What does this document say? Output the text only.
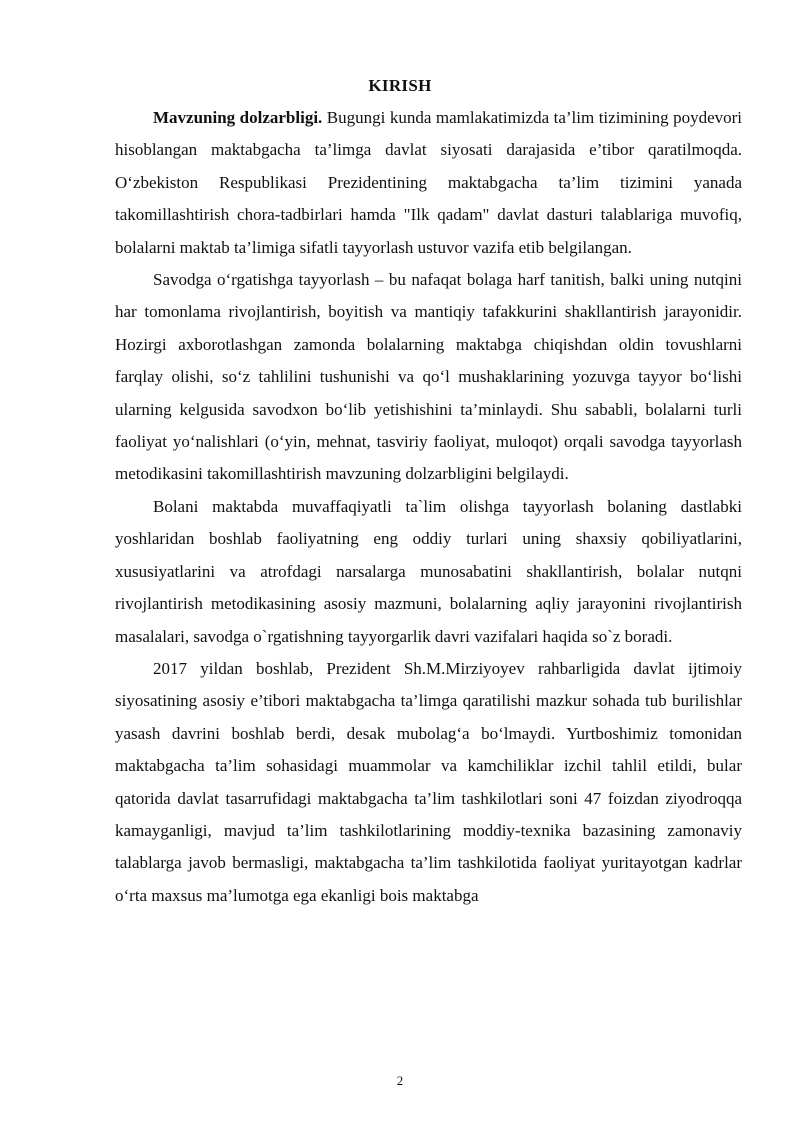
KIRISH

Mavzuning dolzarbligi. Bugungi kunda mamlakatimizda ta’lim tizimining poydevori hisoblangan maktabgacha ta’limga davlat siyosati darajasida e’tibor qaratilmoqda. O‘zbekiston Respublikasi Prezidentining maktabgacha ta’lim tizimini yanada takomillashtirish chora-tadbirlari hamda "Ilk qadam" davlat dasturi talablariga muvofiq, bolalarni maktab ta’limiga sifatli tayyorlash ustuvor vazifa etib belgilangan.

Savodga o‘rgatishga tayyorlash – bu nafaqat bolaga harf tanitish, balki uning nutqini har tomonlama rivojlantirish, boyitish va mantiqiy tafakkurini shakllantirish jarayonidir. Hozirgi axborotlashgan zamonda bolalarning maktabga chiqishdan oldin tovushlarni farqlay olishi, so‘z tahlilini tushunishi va qo‘l mushaklarining yozuvga tayyor bo‘lishi ularning kelgusida savodxon bo‘lib yetishishini ta’minlaydi. Shu sababli, bolalarni turli faoliyat yo‘nalishlari (o‘yin, mehnat, tasviriy faoliyat, muloqot) orqali savodga tayyorlash metodikasini takomillashtirish mavzuning dolzarbligini belgilaydi.

Bolani maktabda muvaffaqiyatli ta`lim olishga tayyorlash bolaning dastlabki yoshlaridan boshlab faoliyatning eng oddiy turlari uning shaxsiy qobiliyatlarini, xususiyatlarini va atrofdagi narsalarga munosabatini shakllantirish, bolalar nutqni rivojlantirish metodikasining asosiy mazmuni, bolalarning aqliy jarayonini rivojlantirish masalalari, savodga o`rgatishning tayyorgarlik davri vazifalari haqida so`z boradi.

2017 yildan boshlab, Prezident Sh.M.Mirziyoyev rahbarligida davlat ijtimoiy siyosatining asosiy e’tibori maktabgacha ta’limga qaratilishi mazkur sohada tub burilishlar yasash davrini boshlab berdi, desak mubolag‘a bo‘lmaydi. Yurtboshimiz tomonidan maktabgacha ta’lim sohasidagi muammolar va kamchiliklar izchil tahlil etildi, bular qatorida davlat tasarrufidagi maktabgacha ta’lim tashkilotlari soni 47 foizdan ziyodroqqa kamayganligi, mavjud ta’lim tashkilotlarining moddiy-texnika bazasining zamonaviy talablarga javob bermasligi, maktabgacha ta’lim tashkilotida faoliyat yuritayotgan kadrlar o‘rta maxsus ma’lumotga ega ekanligi bois maktabga

2
